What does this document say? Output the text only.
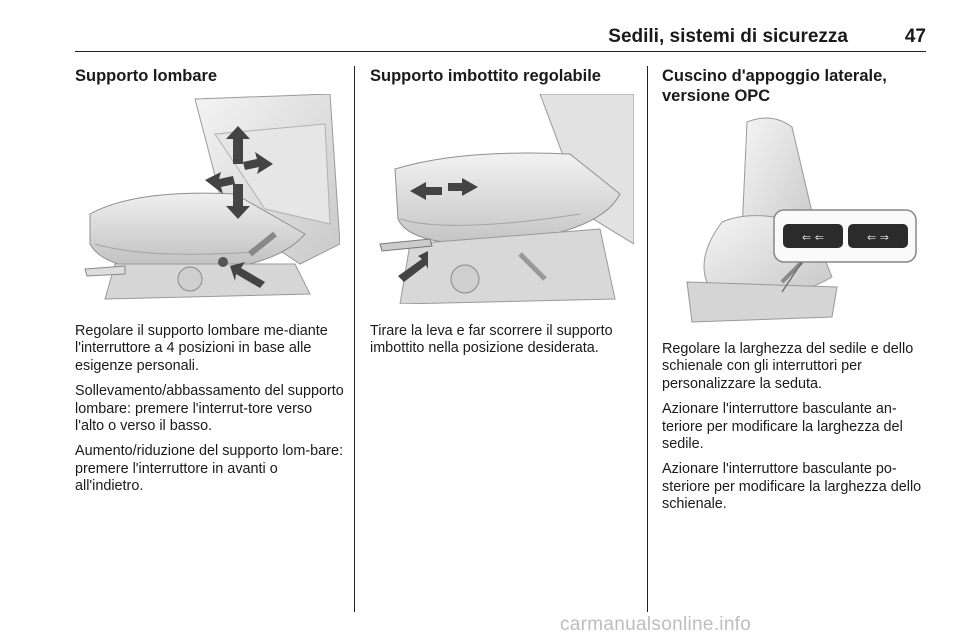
Sedili, sistemi di sicurezza	47
Supporto lombare

Regolare il supporto lombare me-diante l'interruttore a 4 posizioni in base alle esigenze personali.

Sollevamento/abbassamento del supporto lombare: premere l'interrut-tore verso l'alto o verso il basso.

Aumento/riduzione del supporto lom-bare: premere l'interruttore in avanti o all'indietro.

Supporto imbottito regolabile

Tirare la leva e far scorrere il supporto imbottito nella posizione desiderata.

Cuscino d'appoggio laterale, versione OPC
⇐ ⇐	⇐ ⇒

Regolare la larghezza del sedile e dello schienale con gli interruttori per personalizzare la seduta.

Azionare l'interruttore basculante an-teriore per modificare la larghezza del sedile.

Azionare l'interruttore basculante po-steriore per modificare la larghezza dello schienale.

carmanualsonline.info
